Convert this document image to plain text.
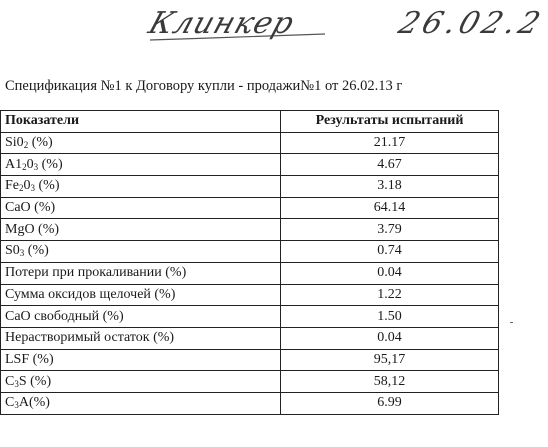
Клинкер	26.02.2
Спецификация №1 к Договору купли - продажи№1 от 26.02.13 г
Показатели	Результаты испытаний
$Si0_2$ (%)	21.17
$A1_20_3$ (%)	4.67
$Fe_20_3$ (%)	3.18
CaO (%)	64.14
MgO (%)	3.79
$S0_3$ (%)	0.74
Потери при прокаливании (%)	0.04
Сумма оксидов щелочей (%)	1.22
CaO свободный (%)	1.50
Нерастворимый остаток (%)	0.04
LSF (%)	95,17
$C_3S$ (%)	58,12
$C_3A(\%)$	6.99
